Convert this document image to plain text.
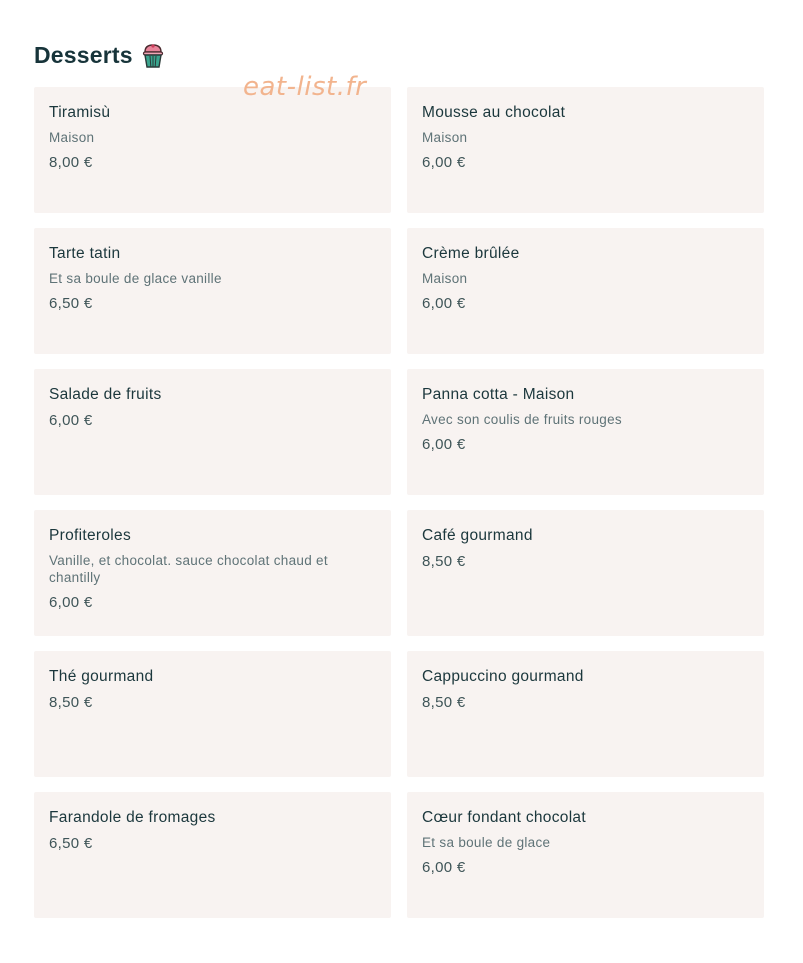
Desserts
eat-list.fr
Tiramisù
Maison
8,00 €
Mousse au chocolat
Maison
6,00 €
Tarte tatin
Et sa boule de glace vanille
6,50 €
Crème brûlée
Maison
6,00 €
Salade de fruits
6,00 €
Panna cotta - Maison
Avec son coulis de fruits rouges
6,00 €
Profiteroles
Vanille, et chocolat. sauce chocolat chaud et chantilly
6,00 €
Café gourmand
8,50 €
Thé gourmand
8,50 €
Cappuccino gourmand
8,50 €
Farandole de fromages
6,50 €
Cœur fondant chocolat
Et sa boule de glace
6,00 €
